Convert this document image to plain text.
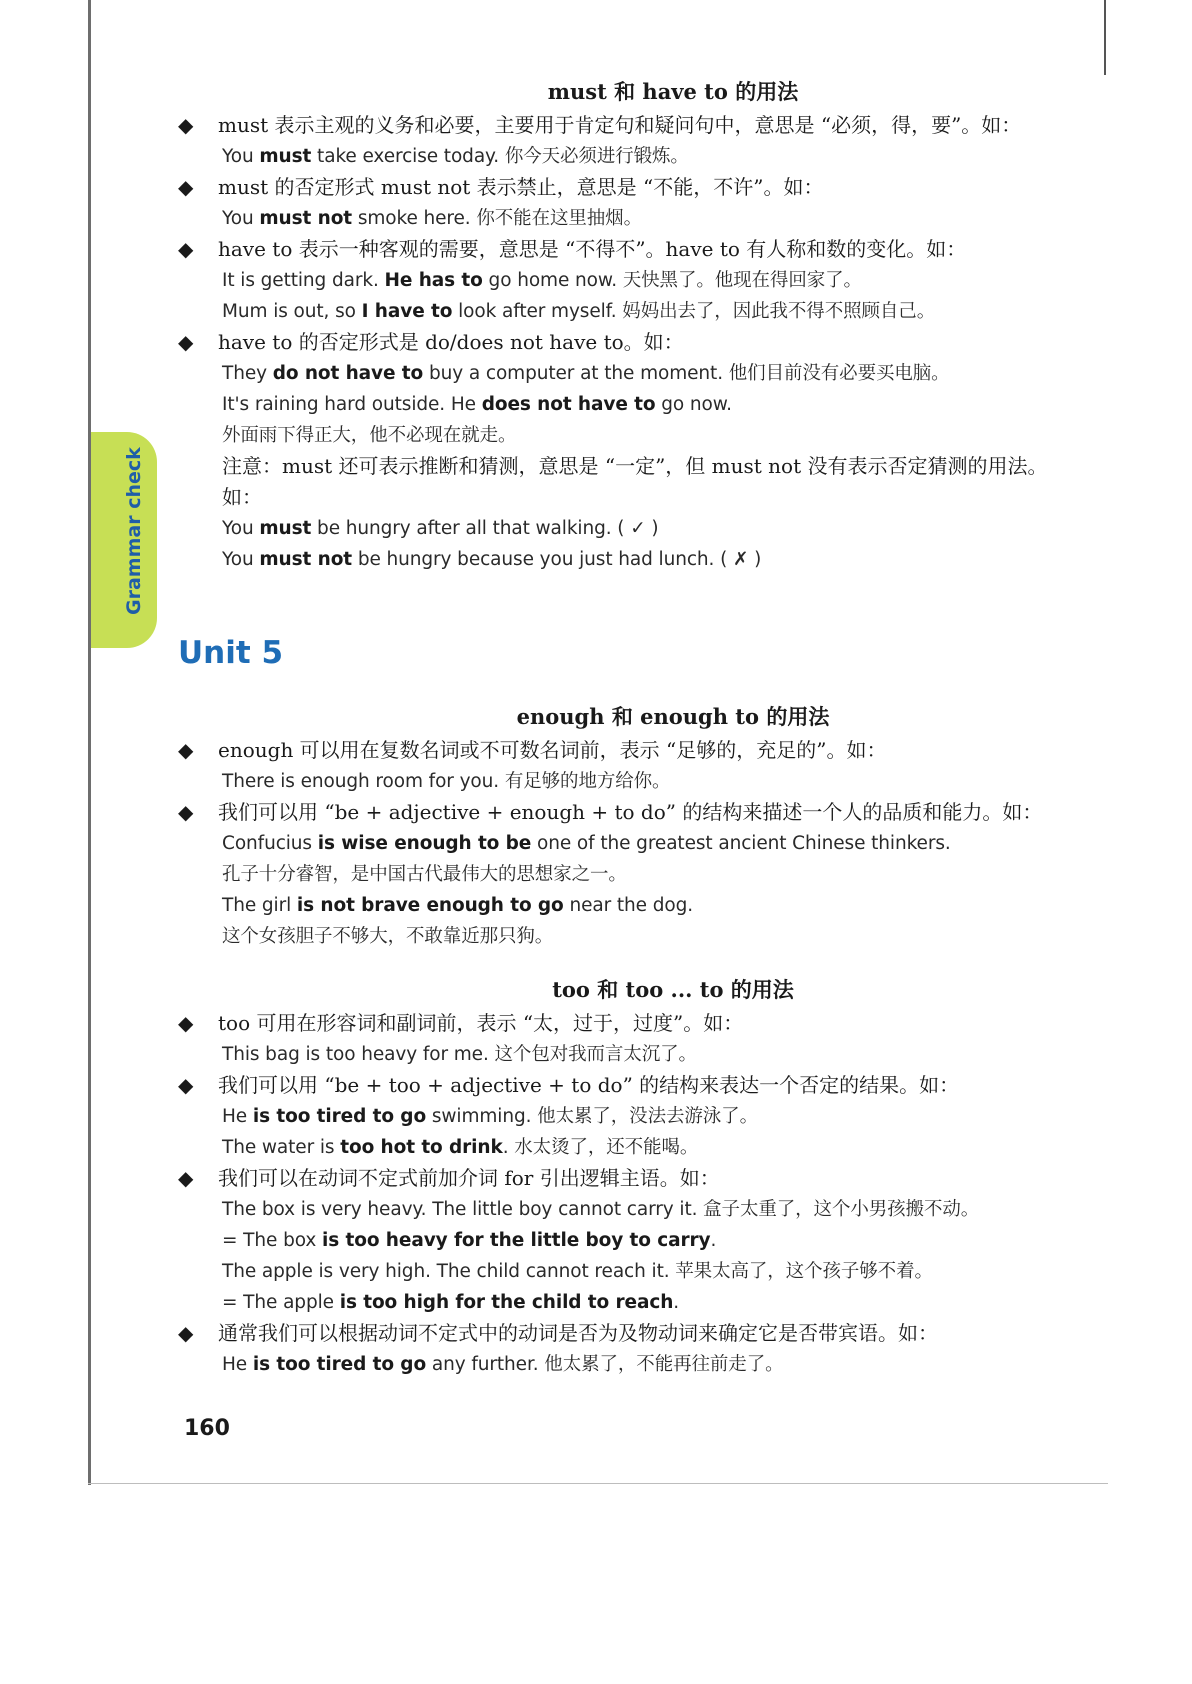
Grammar check
must 和 have to 的用法
◆	must 表示主观的义务和必要，主要用于肯定句和疑问句中，意思是 “必须，得，要”。如：
You must take exercise today. 你今天必须进行锻炼。
◆	must 的否定形式 must not 表示禁止，意思是 “不能，不许”。如：
You must not smoke here. 你不能在这里抽烟。
◆	have to 表示一种客观的需要，意思是 “不得不”。have to 有人称和数的变化。如：
It is getting dark. He has to go home now. 天快黑了。他现在得回家了。
Mum is out, so I have to look after myself. 妈妈出去了，因此我不得不照顾自己。
◆	have to 的否定形式是 do/does not have to。如：
They do not have to buy a computer at the moment. 他们目前没有必要买电脑。
It's raining hard outside. He does not have to go now.
外面雨下得正大，他不必现在就走。
注意：must 还可表示推断和猜测，意思是 “一定”，但 must not 没有表示否定猜测的用法。如：
You must be hungry after all that walking. ( ✓ )
You must not be hungry because you just had lunch. ( ✗ )
Unit 5
enough 和 enough to 的用法
◆	enough 可以用在复数名词或不可数名词前，表示 “足够的，充足的”。如：
There is enough room for you. 有足够的地方给你。
◆	我们可以用 “be + adjective + enough + to do” 的结构来描述一个人的品质和能力。如：
Confucius is wise enough to be one of the greatest ancient Chinese thinkers.
孔子十分睿智，是中国古代最伟大的思想家之一。
The girl is not brave enough to go near the dog.
这个女孩胆子不够大，不敢靠近那只狗。
too 和 too ... to 的用法
◆	too 可用在形容词和副词前，表示 “太，过于，过度”。如：
This bag is too heavy for me. 这个包对我而言太沉了。
◆	我们可以用 “be + too + adjective + to do” 的结构来表达一个否定的结果。如：
He is too tired to go swimming. 他太累了，没法去游泳了。
The water is too hot to drink. 水太烫了，还不能喝。
◆	我们可以在动词不定式前加介词 for 引出逻辑主语。如：
The box is very heavy. The little boy cannot carry it. 盒子太重了，这个小男孩搬不动。
= The box is too heavy for the little boy to carry.
The apple is very high. The child cannot reach it. 苹果太高了，这个孩子够不着。
= The apple is too high for the child to reach.
◆	通常我们可以根据动词不定式中的动词是否为及物动词来确定它是否带宾语。如：
He is too tired to go any further. 他太累了，不能再往前走了。
160
